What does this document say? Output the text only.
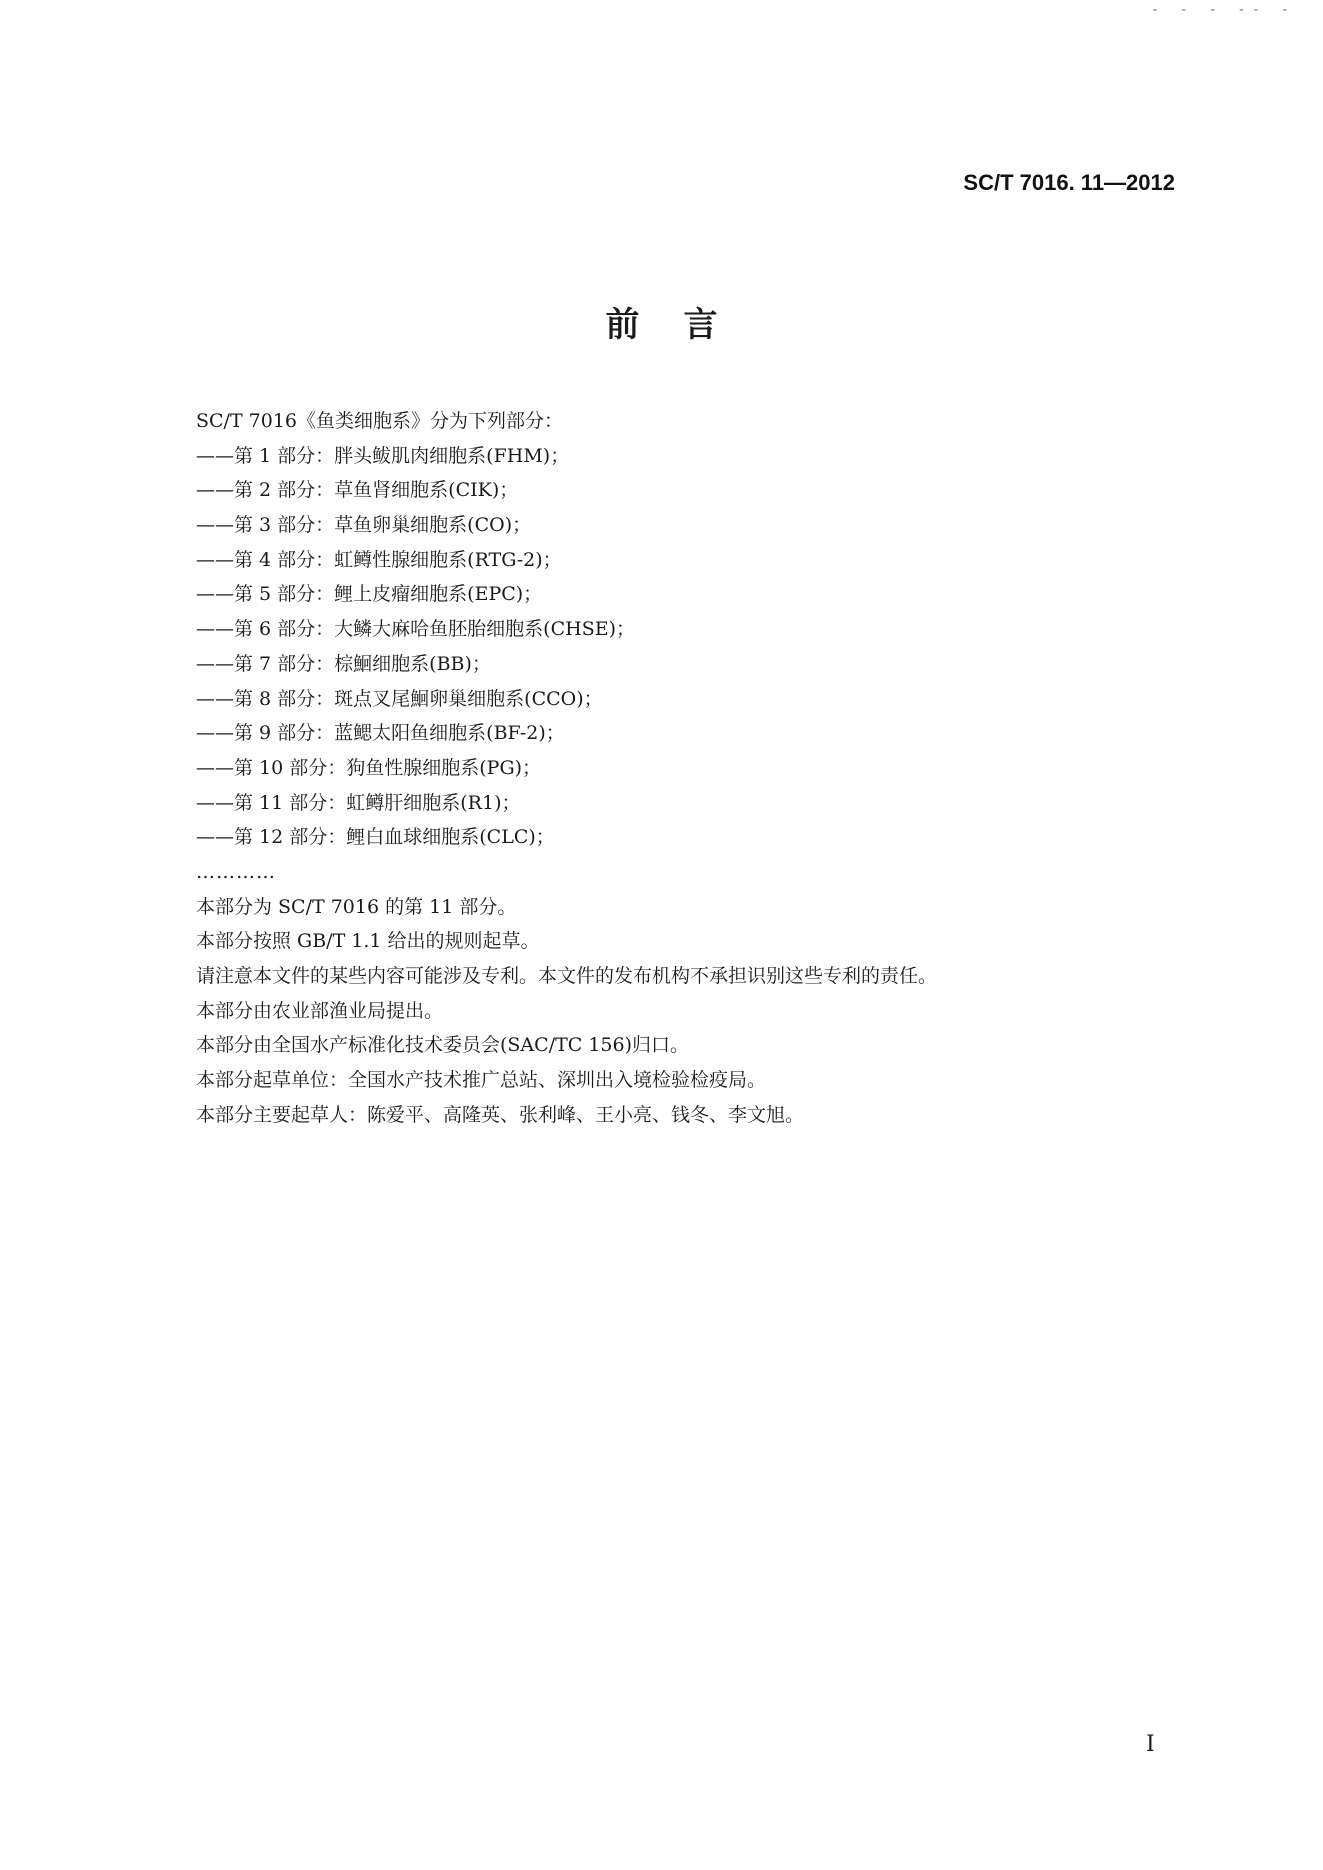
- - - -- -
SC/T 7016. 11—2012
前言
SC/T 7016《鱼类细胞系》分为下列部分：
——第 1 部分：胖头鲅肌肉细胞系(FHM)；
——第 2 部分：草鱼肾细胞系(CIK)；
——第 3 部分：草鱼卵巢细胞系(CO)；
——第 4 部分：虹鳟性腺细胞系(RTG-2)；
——第 5 部分：鲤上皮瘤细胞系(EPC)；
——第 6 部分：大鳞大麻哈鱼胚胎细胞系(CHSE)；
——第 7 部分：棕鮰细胞系(BB)；
——第 8 部分：斑点叉尾鮰卵巢细胞系(CCO)；
——第 9 部分：蓝鳃太阳鱼细胞系(BF-2)；
——第 10 部分：狗鱼性腺细胞系(PG)；
——第 11 部分：虹鳟肝细胞系(R1)；
——第 12 部分：鲤白血球细胞系(CLC)；
…………
本部分为 SC/T 7016 的第 11 部分。
本部分按照 GB/T 1.1 给出的规则起草。
请注意本文件的某些内容可能涉及专利。本文件的发布机构不承担识别这些专利的责任。
本部分由农业部渔业局提出。
本部分由全国水产标准化技术委员会(SAC/TC 156)归口。
本部分起草单位：全国水产技术推广总站、深圳出入境检验检疫局。
本部分主要起草人：陈爱平、高隆英、张利峰、王小亮、钱冬、李文旭。
I
